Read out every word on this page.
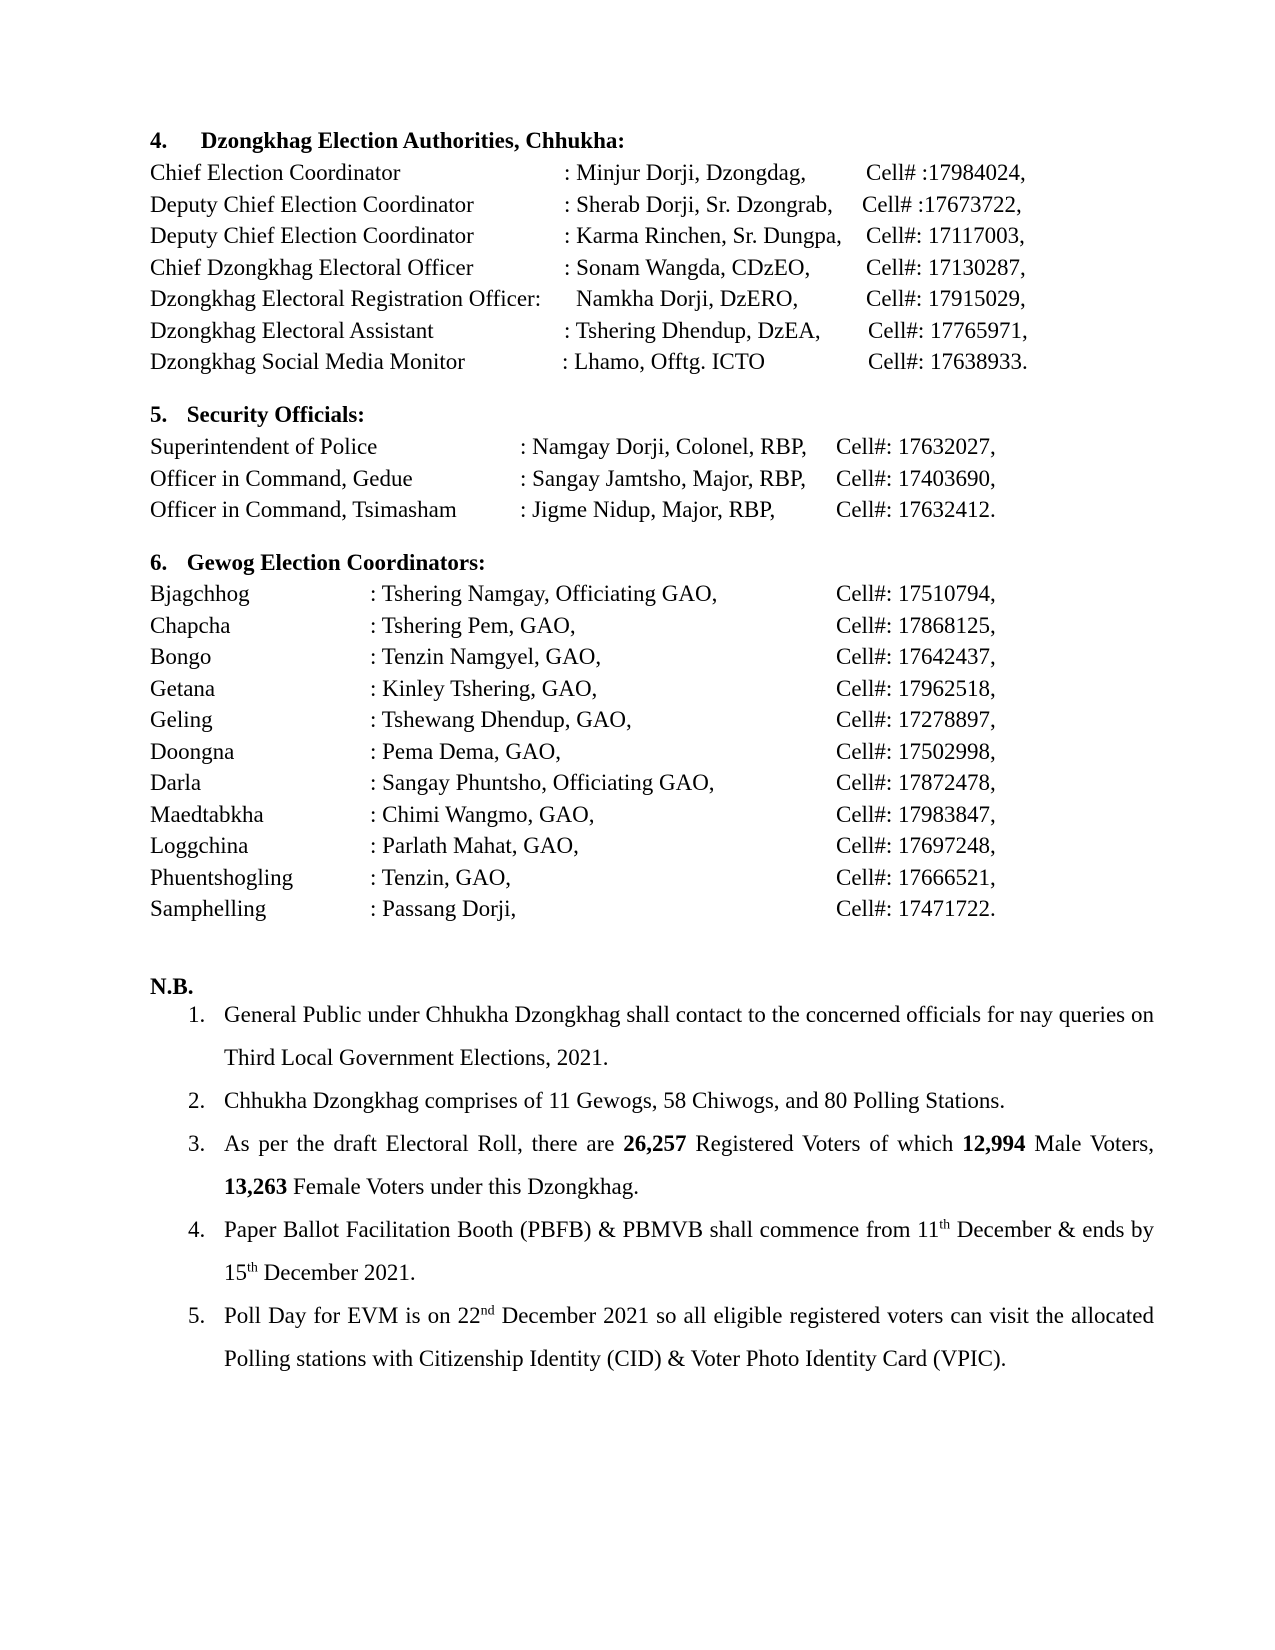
4. Dzongkhag Election Authorities, Chhukha:
Chief Election Coordinator	: Minjur Dorji, Dzongdag,	Cell# :17984024,
Deputy Chief Election Coordinator	: Sherab Dorji, Sr. Dzongrab, Cell# :17673722,
Deputy Chief Election Coordinator	: Karma Rinchen, Sr. Dungpa, Cell#: 17117003,
Chief Dzongkhag Electoral Officer	: Sonam Wangda, CDzEO, Cell#: 17130287,
Dzongkhag Electoral Registration Officer: Namkha Dorji, DzERO,	Cell#: 17915029,
Dzongkhag Electoral Assistant	: Tshering Dhendup, DzEA, Cell#: 17765971,
Dzongkhag Social Media Monitor	: Lhamo, Offtg. ICTO	Cell#: 17638933.
5. Security Officials:
Superintendent of Police	: Namgay Dorji, Colonel, RBP, Cell#: 17632027,
Officer in Command, Gedue	: Sangay Jamtsho, Major, RBP, Cell#: 17403690,
Officer in Command, Tsimasham	: Jigme Nidup, Major, RBP,	Cell#: 17632412.
6. Gewog Election Coordinators:
Bjagchhog	: Tshering Namgay, Officiating GAO,	Cell#: 17510794,
Chapcha	: Tshering Pem, GAO,	Cell#: 17868125,
Bongo	: Tenzin Namgyel, GAO,	Cell#: 17642437,
Getana	: Kinley Tshering, GAO,	Cell#: 17962518,
Geling	: Tshewang Dhendup, GAO,	Cell#: 17278897,
Doongna	: Pema Dema, GAO,	Cell#: 17502998,
Darla	: Sangay Phuntsho, Officiating GAO,	Cell#: 17872478,
Maedtabkha	: Chimi Wangmo, GAO,	Cell#: 17983847,
Loggchina	: Parlath Mahat, GAO,	Cell#: 17697248,
Phuentshogling	: Tenzin, GAO,	Cell#: 17666521,
Samphelling	: Passang Dorji,	Cell#: 17471722.
N.B.
1. General Public under Chhukha Dzongkhag shall contact to the concerned officials for nay queries on Third Local Government Elections, 2021.
2. Chhukha Dzongkhag comprises of 11 Gewogs, 58 Chiwogs, and 80 Polling Stations.
3. As per the draft Electoral Roll, there are 26,257 Registered Voters of which 12,994 Male Voters, 13,263 Female Voters under this Dzongkhag.
4. Paper Ballot Facilitation Booth (PBFB) & PBMVB shall commence from 11th December & ends by 15th December 2021.
5. Poll Day for EVM is on 22nd December 2021 so all eligible registered voters can visit the allocated Polling stations with Citizenship Identity (CID) & Voter Photo Identity Card (VPIC).
